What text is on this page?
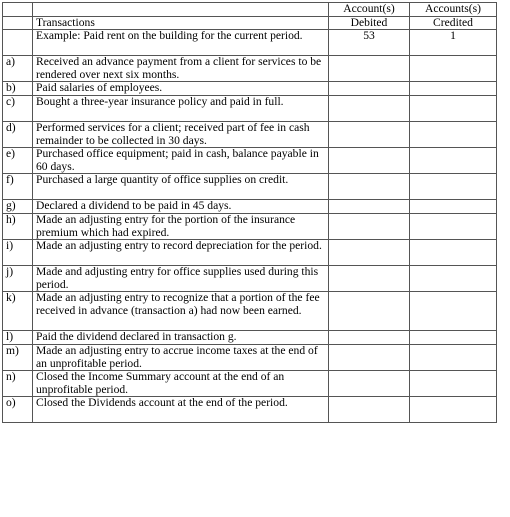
		Account(s)	Accounts(s)
	Transactions	Debited	Credited
	Example: Paid rent on the building for the current period.	53	1
a)	Received an advance payment from a client for services to be rendered over next six months.		
b)	Paid salaries of employees.		
c)	Bought a three-year insurance policy and paid in full.		
d)	Performed services for a client; received part of fee in cash remainder to be collected in 30 days.		
e)	Purchased office equipment; paid in cash, balance payable in 60 days.		
f)	Purchased a large quantity of office supplies on credit.		
g)	Declared a dividend to be paid in 45 days.		
h)	Made an adjusting entry for the portion of the insurance premium which had expired.		
i)	Made an adjusting entry to record depreciation for the period.		
j)	Made and adjusting entry for office supplies used during this period.		
k)	Made an adjusting entry to recognize that a portion of the fee received in advance (transaction a) had now been earned.		
l)	Paid the dividend declared in transaction g.		
m)	Made an adjusting entry to accrue income taxes at the end of an unprofitable period.		
n)	Closed the Income Summary account at the end of an unprofitable period.		
o)	Closed the Dividends account at the end of the period.		
